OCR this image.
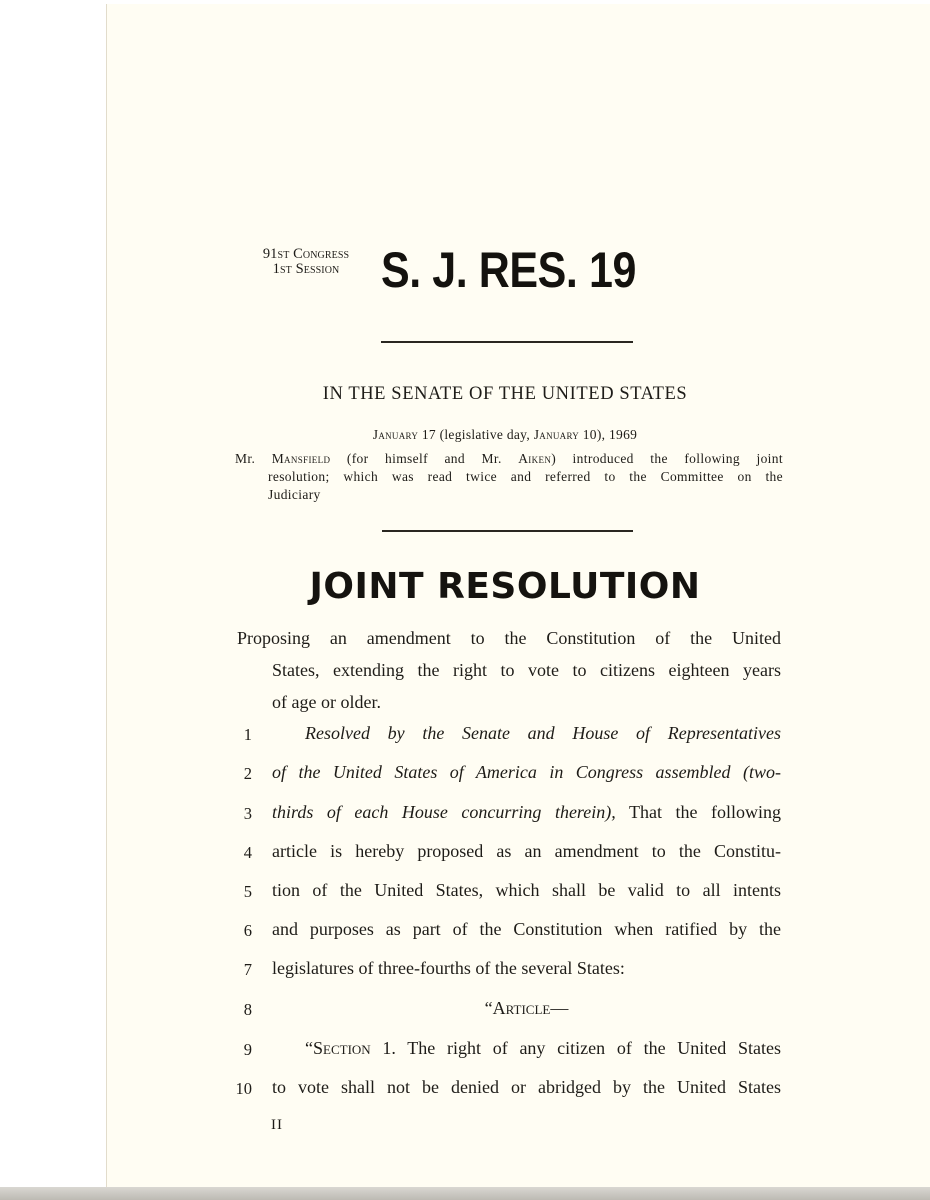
91st Congress
1st Session S. J. RES. 19
IN THE SENATE OF THE UNITED STATES
January 17 (legislative day, January 10), 1969
Mr. Mansfield (for himself and Mr. Aiken) introduced the following joint
resolution; which was read twice and referred to the Committee on the
Judiciary
JOINT RESOLUTION
Proposing an amendment to the Constitution of the United
States, extending the right to vote to citizens eighteen years
of age or older.
1	Resolved by the Senate and House of Representatives
2 of the United States of America in Congress assembled (two-
3 thirds of each House concurring therein), That the following
4 article is hereby proposed as an amendment to the Constitu-
5 tion of the United States, which shall be valid to all intents
6 and purposes as part of the Constitution when ratified by the
7 legislatures of three-fourths of the several States:
8	“Article—
9	“Section 1. The right of any citizen of the United States
10 to vote shall not be denied or abridged by the United States
II
